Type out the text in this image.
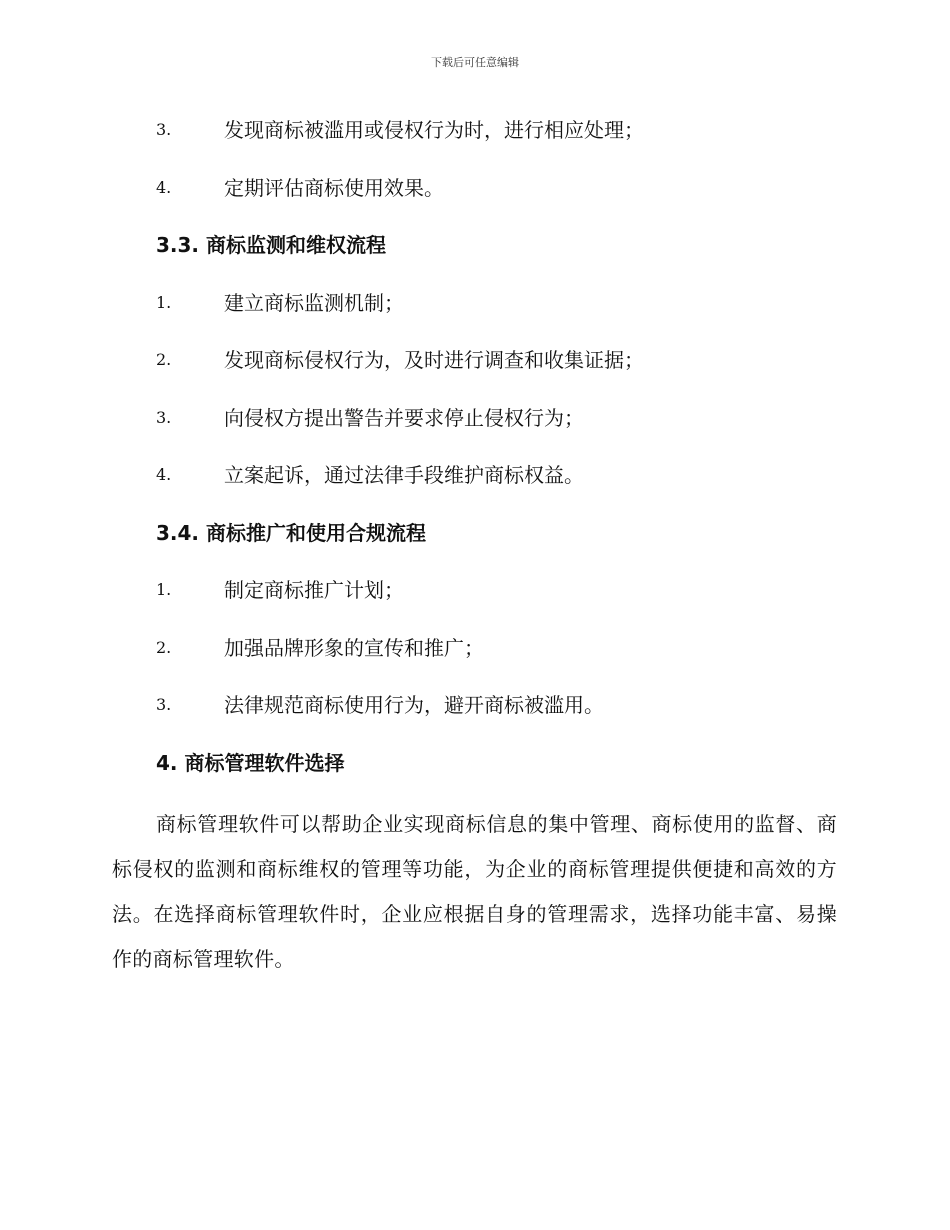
下载后可任意编辑
3.	发现商标被滥用或侵权行为时，进行相应处理；
4.	定期评估商标使用效果。
3.3. 商标监测和维权流程
1.	建立商标监测机制；
2.	发现商标侵权行为，及时进行调查和收集证据；
3.	向侵权方提出警告并要求停止侵权行为；
4.	立案起诉，通过法律手段维护商标权益。
3.4. 商标推广和使用合规流程
1.	制定商标推广计划；
2.	加强品牌形象的宣传和推广；
3.	法律规范商标使用行为，避开商标被滥用。
4. 商标管理软件选择

商标管理软件可以帮助企业实现商标信息的集中管理、商标使用的监督、商标侵权的监测和商标维权的管理等功能，为企业的商标管理提供便捷和高效的方法。在选择商标管理软件时，企业应根据自身的管理需求，选择功能丰富、易操作的商标管理软件。
